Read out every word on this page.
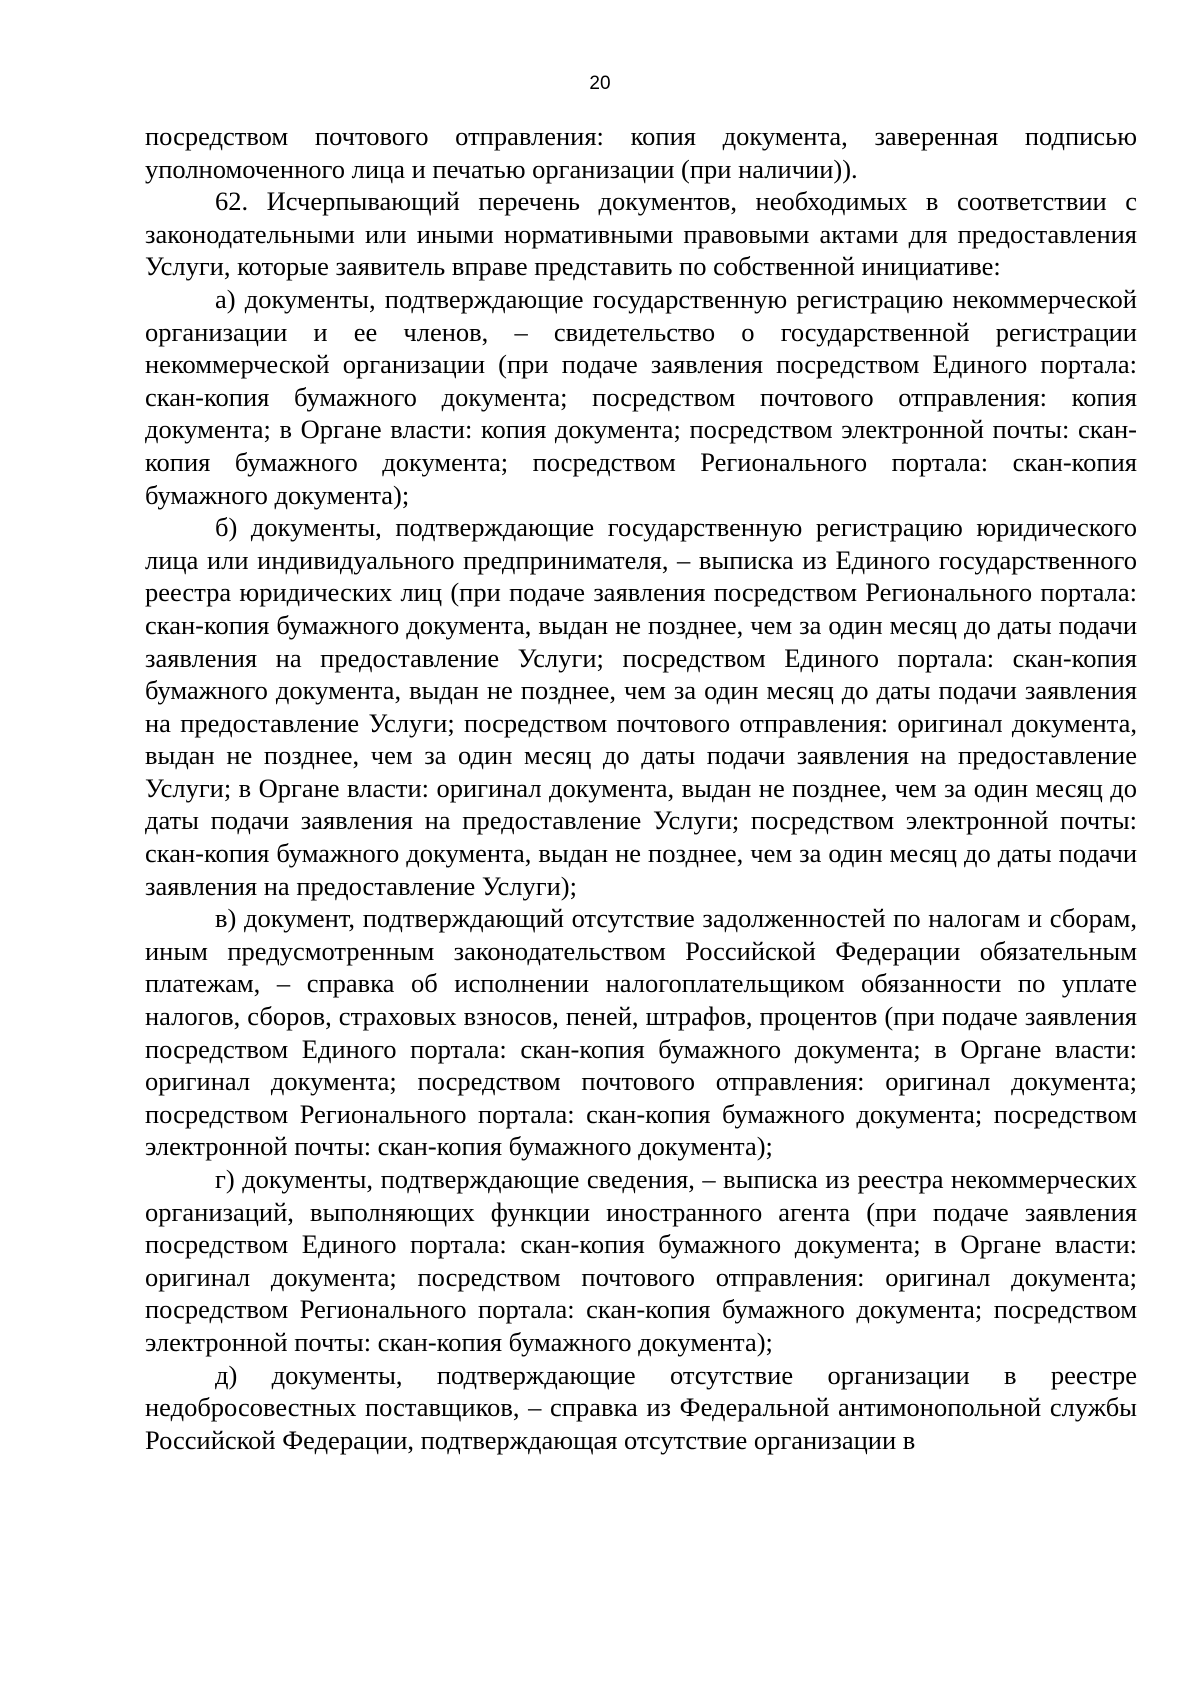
20

посредством почтового отправления: копия документа, заверенная подписью уполномоченного лица и печатью организации (при наличии)).

62. Исчерпывающий перечень документов, необходимых в соответствии с законодательными или иными нормативными правовыми актами для предоставления Услуги, которые заявитель вправе представить по собственной инициативе:

а) документы, подтверждающие государственную регистрацию некоммерческой организации и ее членов, – свидетельство о государственной регистрации некоммерческой организации (при подаче заявления посредством Единого портала: скан-копия бумажного документа; посредством почтового отправления: копия документа; в Органе власти: копия документа; посредством электронной почты: скан-копия бумажного документа; посредством Регионального портала: скан-копия бумажного документа);

б) документы, подтверждающие государственную регистрацию юридического лица или индивидуального предпринимателя, – выписка из Единого государственного реестра юридических лиц (при подаче заявления посредством Регионального портала: скан-копия бумажного документа, выдан не позднее, чем за один месяц до даты подачи заявления на предоставление Услуги; посредством Единого портала: скан-копия бумажного документа, выдан не позднее, чем за один месяц до даты подачи заявления на предоставление Услуги; посредством почтового отправления: оригинал документа, выдан не позднее, чем за один месяц до даты подачи заявления на предоставление Услуги; в Органе власти: оригинал документа, выдан не позднее, чем за один месяц до даты подачи заявления на предоставление Услуги; посредством электронной почты: скан-копия бумажного документа, выдан не позднее, чем за один месяц до даты подачи заявления на предоставление Услуги);

в) документ, подтверждающий отсутствие задолженностей по налогам и сборам, иным предусмотренным законодательством Российской Федерации обязательным платежам, – справка об исполнении налогоплательщиком обязанности по уплате налогов, сборов, страховых взносов, пеней, штрафов, процентов (при подаче заявления посредством Единого портала: скан-копия бумажного документа; в Органе власти: оригинал документа; посредством почтового отправления: оригинал документа; посредством Регионального портала: скан-копия бумажного документа; посредством электронной почты: скан-копия бумажного документа);

г) документы, подтверждающие сведения, – выписка из реестра некоммерческих организаций, выполняющих функции иностранного агента (при подаче заявления посредством Единого портала: скан-копия бумажного документа; в Органе власти: оригинал документа; посредством почтового отправления: оригинал документа; посредством Регионального портала: скан-копия бумажного документа; посредством электронной почты: скан-копия бумажного документа);

д) документы, подтверждающие отсутствие организации в реестре недобросовестных поставщиков, – справка из Федеральной антимонопольной службы Российской Федерации, подтверждающая отсутствие организации в
